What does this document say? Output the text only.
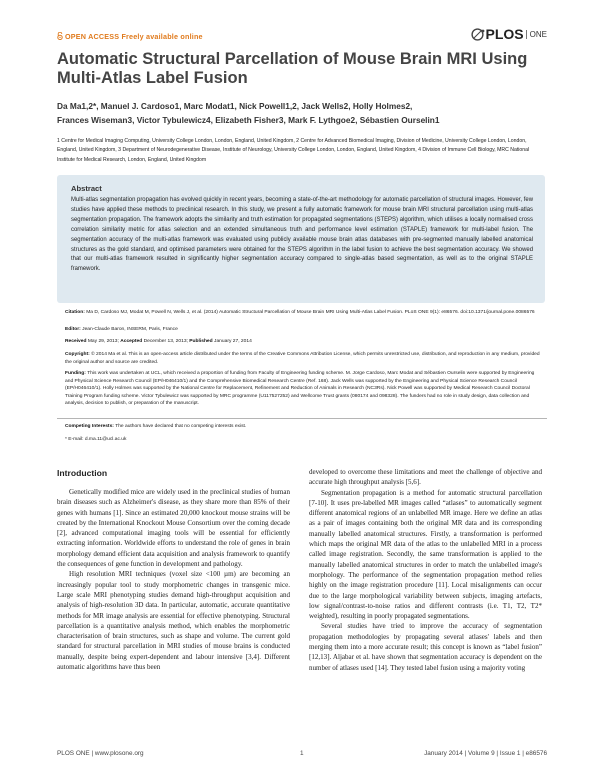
OPEN ACCESS Freely available online	PLOS ONE
Automatic Structural Parcellation of Mouse Brain MRI Using Multi-Atlas Label Fusion
Da Ma1,2*, Manuel J. Cardoso1, Marc Modat1, Nick Powell1,2, Jack Wells2, Holly Holmes2,
Frances Wiseman3, Victor Tybulewicz4, Elizabeth Fisher3, Mark F. Lythgoe2, Sébastien Ourselin1
1 Centre for Medical Imaging Computing, University College London, London, England, United Kingdom, 2 Centre for Advanced Biomedical Imaging, Division of Medicine, University College London, London, England, United Kingdom, 3 Department of Neurodegenerative Disease, Institute of Neurology, University College London, London, England, United Kingdom, 4 Division of Immune Cell Biology, MRC National Institute for Medical Research, London, England, United Kingdom
Abstract
Multi-atlas segmentation propagation has evolved quickly in recent years, becoming a state-of-the-art methodology for automatic parcellation of structural images. However, few studies have applied these methods to preclinical research. In this study, we present a fully automatic framework for mouse brain MRI structural parcellation using multi-atlas segmentation propagation. The framework adopts the similarity and truth estimation for propagated segmentations (STEPS) algorithm, which utilises a locally normalised cross correlation similarity metric for atlas selection and an extended simultaneous truth and performance level estimation (STAPLE) framework for multi-label fusion. The segmentation accuracy of the multi-atlas framework was evaluated using publicly available mouse brain atlas databases with pre-segmented manually labelled anatomical structures as the gold standard, and optimised parameters were obtained for the STEPS algorithm in the label fusion to achieve the best segmentation accuracy. We showed that our multi-atlas framework resulted in significantly higher segmentation accuracy compared to single-atlas based segmentation, as well as to the original STAPLE framework.
Citation: Ma D, Cardoso MJ, Modat M, Powell N, Wells J, et al. (2014) Automatic Structural Parcellation of Mouse Brain MRI Using Multi-Atlas Label Fusion. PLoS ONE 9(1): e86576. doi:10.1371/journal.pone.0086576
Editor: Jean-Claude Baron, INSERM, Paris, France
Received May 29, 2013; Accepted December 13, 2013; Published January 27, 2014
Copyright: © 2014 Ma et al. This is an open-access article distributed under the terms of the Creative Commons Attribution License, which permits unrestricted use, distribution, and reproduction in any medium, provided the original author and source are credited.
Funding: This work was undertaken at UCL, which received a proportion of funding from Faculty of Engineering funding scheme. M. Jorge Cardoso, Marc Modat and Sébastien Ourselin were supported by Engineering and Physical Science Research Council (EP/H046410/1) and the Comprehensive Biomedical Research Centre (Ref. 168). Jack Wells was supported by the Engineering and Physical Science Research Council (EP/H046410/1). Holly Holmes was supported by the National Centre for Replacement, Refinement and Reduction of Animals in Research (NC3Rs). Nick Powell was supported by Medical Research Council Doctoral Training Program funding scheme. Victor Tybulewicz was supported by MRC programme (U117527252) and Wellcome Trust grants (080174 and 098328). The funders had no role in study design, data collection and analysis, decision to publish, or preparation of the manuscript.
Competing Interests: The authors have declared that no competing interests exist.
* E-mail: d.ma.11@ucl.ac.uk
Introduction

Genetically modified mice are widely used in the preclinical studies of human brain diseases such as Alzheimer's disease, as they share more than 85% of their genes with humans [1]. Since an estimated 20,000 knockout mouse strains will be created by the International Knockout Mouse Consortium over the coming decade [2], advanced computational imaging tools will be essential for efficiently extracting information. Worldwide efforts to understand the role of genes in brain morphology demand efficient data acquisition and analysis framework to quantify the consequences of gene function in development and pathology.

High resolution MRI techniques (voxel size <100 µm) are becoming an increasingly popular tool to study morphometric changes in transgenic mice. Large scale MRI phenotyping studies demand high-throughput acquisition and analysis of high-resolution 3D data. In particular, automatic, accurate quantitative methods for MR image analysis are essential for effective phenotyping. Structural parcellation is a quantitative analysis method, which enables the morphometric characterisation of brain structures, such as shape and volume. The current gold standard for structural parcellation in MRI studies of mouse brains is conducted manually, despite being expert-dependent and labour intensive [3,4]. Different automatic algorithms have thus been

developed to overcome these limitations and meet the challenge of objective and accurate high throughput analysis [5,6].

Segmentation propagation is a method for automatic structural parcellation [7-10]. It uses pre-labelled MR images called “atlases” to automatically segment different anatomical regions of an unlabelled MR image. Here we define an atlas as a pair of images containing both the original MR data and its corresponding manually labelled anatomical structures. Firstly, a transformation is performed which maps the original MR data of the atlas to the unlabelled MRI in a process called image registration. Secondly, the same transformation is applied to the manually labelled anatomical structures in order to match the unlabelled image's morphology. The performance of the segmentation propagation method relies highly on the image registration procedure [11]. Local misalignments can occur due to the large morphological variability between subjects, imaging artefacts, low signal/contrast-to-noise ratios and different contrasts (i.e. T1, T2, T2* weighted), resulting in poorly propagated segmentations.

Several studies have tried to improve the accuracy of segmentation propagation methodologies by propagating several atlases' labels and then merging them into a more accurate result; this concept is known as “label fusion” [12,13]. Aljabar et al. have shown that segmentation accuracy is dependent on the number of atlases used [14]. They tested label fusion using a majority voting

PLOS ONE | www.plosone.org	1	January 2014 | Volume 9 | Issue 1 | e86576
